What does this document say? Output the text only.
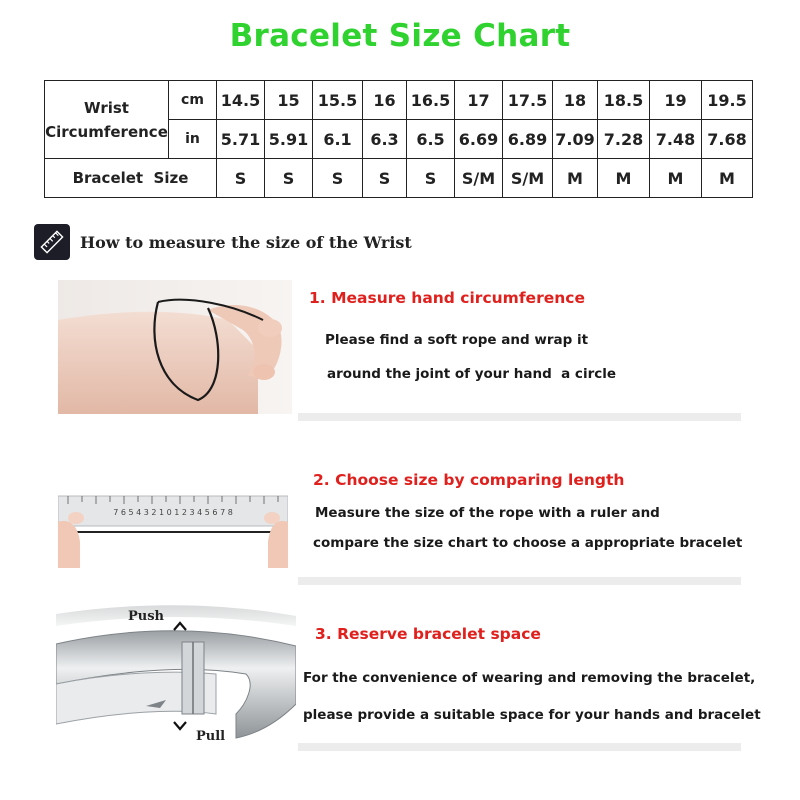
Bracelet Size Chart
Wrist
Circumference	cm	14.5	15	15.5	16	16.5	17	17.5	18	18.5	19	19.5
	in	5.71	5.91	6.1	6.3	6.5	6.69	6.89	7.09	7.28	7.48	7.68
Bracelet  Size		S	S	S	S	S	S/M	S/M	M	M	M	M
How to measure the size of the Wrist
1. Measure hand circumference
Please find a soft rope and wrap it
around the joint of your hand  a circle
7 6 5 4 3 2 1 0 1 2 3 4 5 6 7 8
2. Choose size by comparing length
Measure the size of the rope with a ruler and
compare the size chart to choose a appropriate bracelet
Push
Pull
3. Reserve bracelet space
For the convenience of wearing and removing the bracelet,
please provide a suitable space for your hands and bracelet
